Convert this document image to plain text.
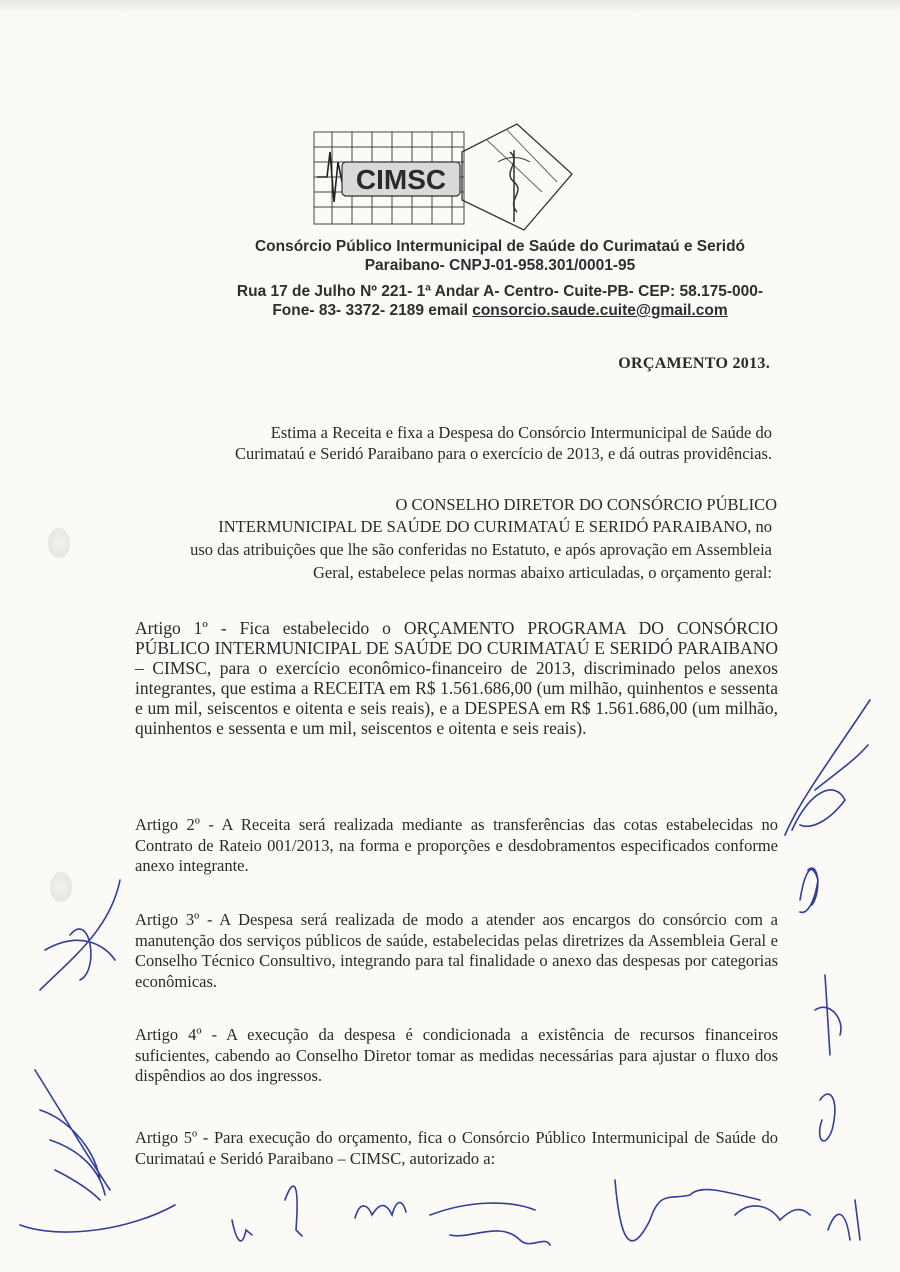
CIMSC
Consórcio Público Intermunicipal de Saúde do Curimataú e Seridó
Paraibano- CNPJ-01-958.301/0001-95
Rua 17 de Julho Nº 221- 1ª Andar A- Centro- Cuite-PB- CEP: 58.175-000-
Fone- 83- 3372- 2189 email consorcio.saude.cuite@gmail.com
ORÇAMENTO 2013.
Estima a Receita e fixa a Despesa do Consórcio Intermunicipal de Saúde do
Curimataú e Seridó Paraibano para o exercício de 2013, e dá outras providências.
O CONSELHO DIRETOR DO CONSÓRCIO PÚBLICO
INTERMUNICIPAL DE SAÚDE DO CURIMATAÚ E SERIDÓ PARAIBANO, no
uso das atribuições que lhe são conferidas no Estatuto, e após aprovação em Assembleia
Geral, estabelece pelas normas abaixo articuladas, o orçamento geral:
Artigo 1º - Fica estabelecido o ORÇAMENTO PROGRAMA DO CONSÓRCIO PÚBLICO INTERMUNICIPAL DE SAÚDE DO CURIMATAÚ E SERIDÓ PARAIBANO – CIMSC, para o exercício econômico-financeiro de 2013, discriminado pelos anexos integrantes, que estima a RECEITA em R$ 1.561.686,00 (um milhão, quinhentos e sessenta e um mil, seiscentos e oitenta e seis reais), e a DESPESA em R$ 1.561.686,00 (um milhão, quinhentos e sessenta e um mil, seiscentos e oitenta e seis reais).
Artigo 2º - A Receita será realizada mediante as transferências das cotas estabelecidas no Contrato de Rateio 001/2013, na forma e proporções e desdobramentos especificados conforme anexo integrante.
Artigo 3º - A Despesa será realizada de modo a atender aos encargos do consórcio com a manutenção dos serviços públicos de saúde, estabelecidas pelas diretrizes da Assembleia Geral e Conselho Técnico Consultivo, integrando para tal finalidade o anexo das despesas por categorias econômicas.
Artigo 4º - A execução da despesa é condicionada a existência de recursos financeiros suficientes, cabendo ao Conselho Diretor tomar as medidas necessárias para ajustar o fluxo dos dispêndios ao dos ingressos.
Artigo 5º - Para execução do orçamento, fica o Consórcio Público Intermunicipal de Saúde do Curimataú e Seridó Paraibano – CIMSC, autorizado a:
